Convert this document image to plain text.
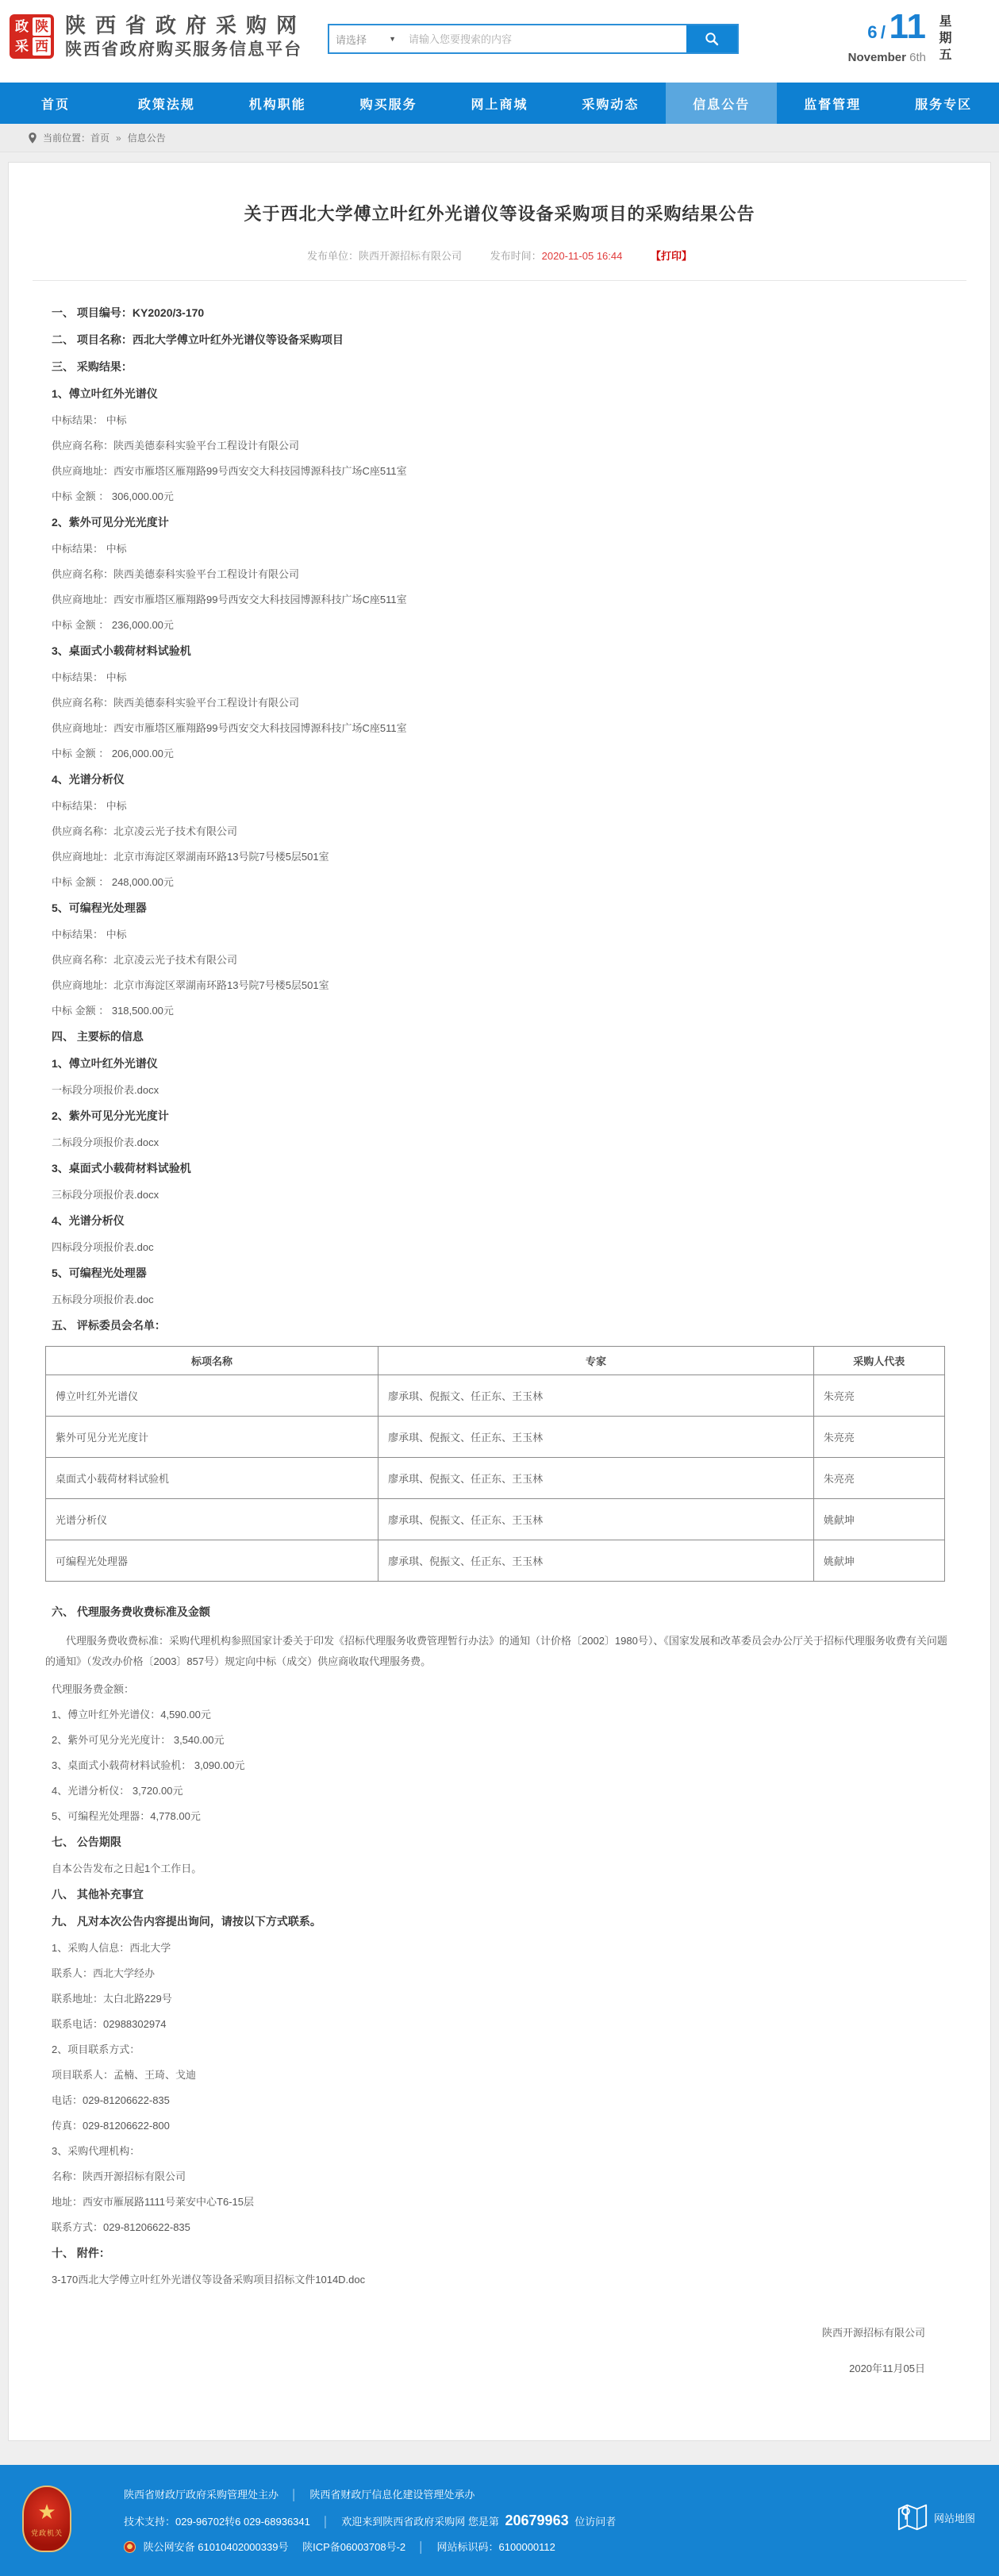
政 陕
采 西
陕西省政府采购网
陕西省政府购买服务信息平台
请选择	▼
请输入您要搜索的内容	6 / 11
November 6th 星期五
首页	政策法规	机构职能	购买服务	网上商城	采购动态	信息公告	监督管理	服务专区
当前位置： 首页 » 信息公告
关于西北大学傅立叶红外光谱仪等设备采购项目的采购结果公告
发布单位：陕西开源招标有限公司	发布时间：2020-11-05 16:44	【打印】
一、 项目编号：KY2020/3-170
二、 项目名称：西北大学傅立叶红外光谱仪等设备采购项目
三、 采购结果：
1、傅立叶红外光谱仪
中标结果： 中标
供应商名称：陕西美德泰科实验平台工程设计有限公司
供应商地址：西安市雁塔区雁翔路99号西安交大科技园博源科技广场C座511室
中标 金额 ： 306,000.00元
2、紫外可见分光光度计
中标结果： 中标
供应商名称：陕西美德泰科实验平台工程设计有限公司
供应商地址：西安市雁塔区雁翔路99号西安交大科技园博源科技广场C座511室
中标 金额 ： 236,000.00元
3、桌面式小载荷材料试验机
中标结果： 中标
供应商名称：陕西美德泰科实验平台工程设计有限公司
供应商地址：西安市雁塔区雁翔路99号西安交大科技园博源科技广场C座511室
中标 金额 ： 206,000.00元
4、光谱分析仪
中标结果： 中标
供应商名称：北京凌云光子技术有限公司
供应商地址：北京市海淀区翠湖南环路13号院7号楼5层501室
中标 金额 ： 248,000.00元
5、可编程光处理器
中标结果： 中标
供应商名称：北京凌云光子技术有限公司
供应商地址：北京市海淀区翠湖南环路13号院7号楼5层501室
中标 金额 ： 318,500.00元
四、 主要标的信息
1、傅立叶红外光谱仪
一标段分项报价表.docx
2、紫外可见分光光度计
二标段分项报价表.docx
3、桌面式小载荷材料试验机
三标段分项报价表.docx
4、光谱分析仪
四标段分项报价表.doc
5、可编程光处理器
五标段分项报价表.doc
五、 评标委员会名单：
标项名称	专家	采购人代表
傅立叶红外光谱仪	廖承琪、倪振文、任正东、王玉林	朱亮亮
紫外可见分光光度计	廖承琪、倪振文、任正东、王玉林	朱亮亮
桌面式小载荷材料试验机	廖承琪、倪振文、任正东、王玉林	朱亮亮
光谱分析仪	廖承琪、倪振文、任正东、王玉林	姚献坤
可编程光处理器	廖承琪、倪振文、任正东、王玉林	姚献坤
六、 代理服务费收费标准及金额
代理服务费收费标准：采购代理机构参照国家计委关于印发《招标代理服务收费管理暂行办法》的通知（计价格〔2002〕1980号）、《国家发展和改革委员会办公厅关于招标代理服务收费有关问题的通知》（发改办价格〔2003〕857号）规定向中标（成交）供应商收取代理服务费。
代理服务费金额：
1、傅立叶红外光谱仪：4,590.00元
2、紫外可见分光光度计： 3,540.00元
3、桌面式小载荷材料试验机： 3,090.00元
4、光谱分析仪： 3,720.00元
5、可编程光处理器：4,778.00元
七、 公告期限
自本公告发布之日起1个工作日。
八、 其他补充事宜
九、 凡对本次公告内容提出询问，请按以下方式联系。
1、采购人信息：西北大学
联系人：西北大学经办
联系地址：太白北路229号
联系电话：02988302974
2、项目联系方式：
项目联系人：孟楠、王琦、戈迪
电话：029-81206622-835
传真：029-81206622-800
3、采购代理机构：
名称：陕西开源招标有限公司
地址：西安市雁展路1111号莱安中心T6-15层
联系方式：029-81206622-835
十、 附件：
3-170西北大学傅立叶红外光谱仪等设备采购项目招标文件1014D.doc
陕西开源招标有限公司
2020年11月05日
★
党政机关
陕西省财政厅政府采购管理处主办 │ 陕西省财政厅信息化建设管理处承办
技术支持：029-96702转6 029-68936341 │ 欢迎来到陕西省政府采购网 您是第 20679963 位访问者
陕公网安备 61010402000339号 陕ICP备06003708号-2 │ 网站标识码：6100000112
网站地图
